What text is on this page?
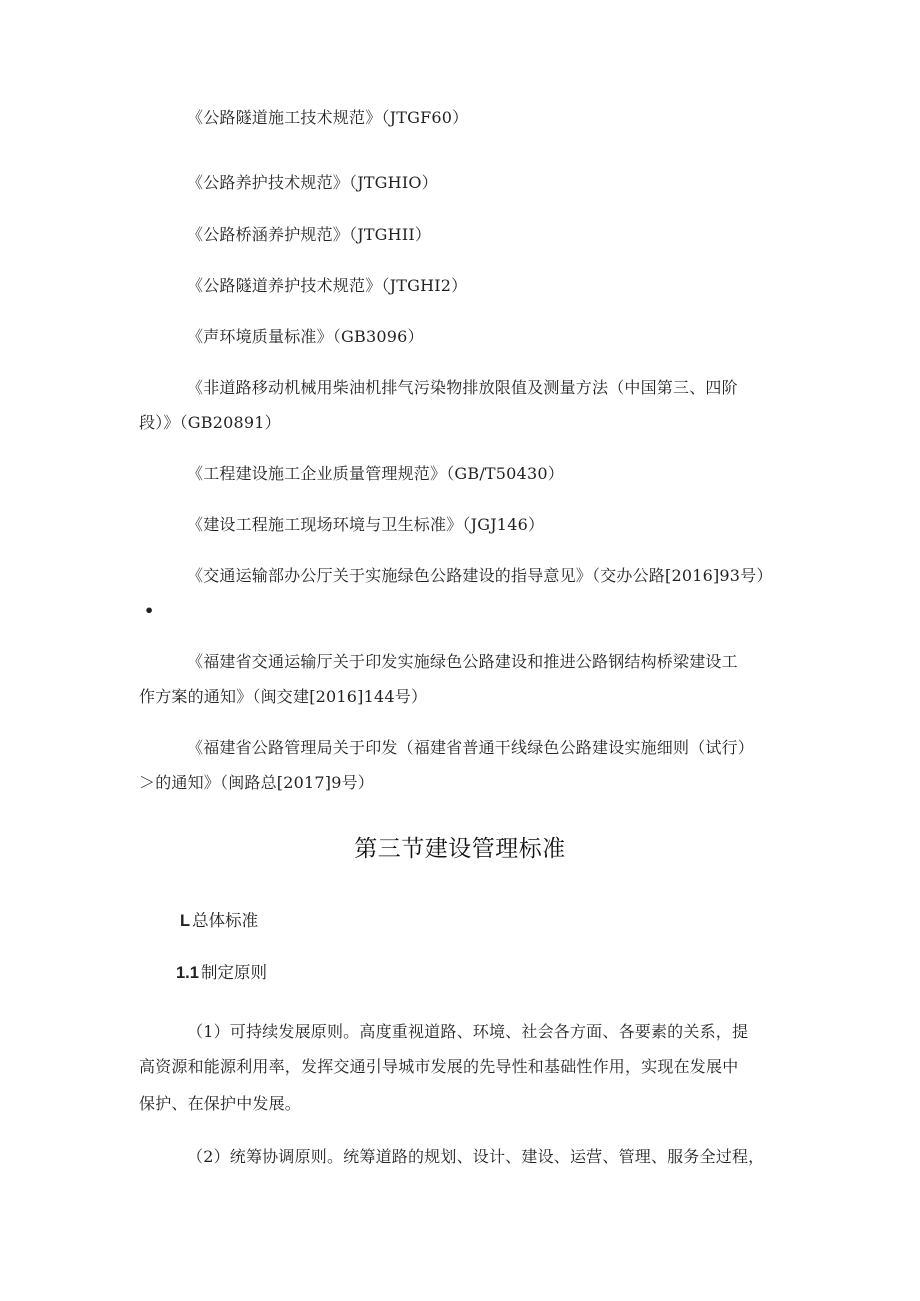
《公路隧道施工技术规范》（JTGF60）
《公路养护技术规范》（JTGHIO）
《公路桥涵养护规范》（JTGHII）
《公路隧道养护技术规范》（JTGHI2）
《声环境质量标准》（GB3096）
《非道路移动机械用柴油机排气污染物排放限值及测量方法（中国第三、四阶
段）》（GB20891）
《工程建设施工企业质量管理规范》（GB/T50430）
《建设工程施工现场环境与卫生标准》（JGJ146）
《交通运输部办公厅关于实施绿色公路建设的指导意见》（交办公路[2016]93号）
•
《福建省交通运输厅关于印发实施绿色公路建设和推进公路钢结构桥梁建设工
作方案的通知》（闽交建[2016]144号）
《福建省公路管理局关于印发（福建省普通干线绿色公路建设实施细则（试行）
＞的通知》（闽路总[2017]9号）
第三节建设管理标准
L 总体标准
1.1 制定原则
（1）可持续发展原则。高度重视道路、环境、社会各方面、各要素的关系，提
高资源和能源利用率，发挥交通引导城市发展的先导性和基础性作用，实现在发展中
保护、在保护中发展。
（2）统筹协调原则。统筹道路的规划、设计、建设、运营、管理、服务全过程，
